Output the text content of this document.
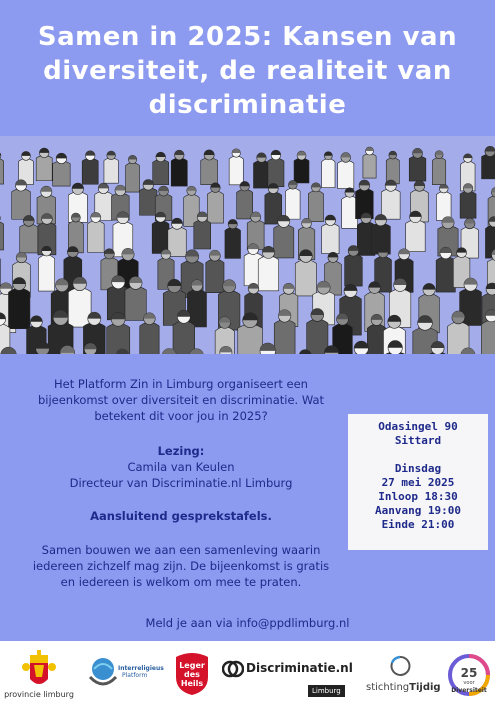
Samen in 2025: Kansen van
diversiteit, de realiteit van
discriminatie

Het Platform Zin in Limburg organiseert een

bijeenkomst over diversiteit en discriminatie. Wat

betekent dit voor jou in 2025?

Lezing:
Camila van Keulen
Directeur van Discriminatie.nl Limburg
Aansluitend gesprekstafels.

Samen bouwen we aan een samenleving waarin

iedereen zichzelf mag zijn. De bijeenkomst is gratis

en iedereen is welkom om mee te praten.

Meld je aan via info@ppdlimburg.nl
Odasingel 90
Sittard
Dinsdag
27 mei 2025
Inloop 18:30
Aanvang 19:00
Einde 21:00
provincie limburg
Interreligieus
Platform
Leger
des
Heils
Discriminatie.nl
Limburg	stichtingTijdig
25
voor
Diversiteit
